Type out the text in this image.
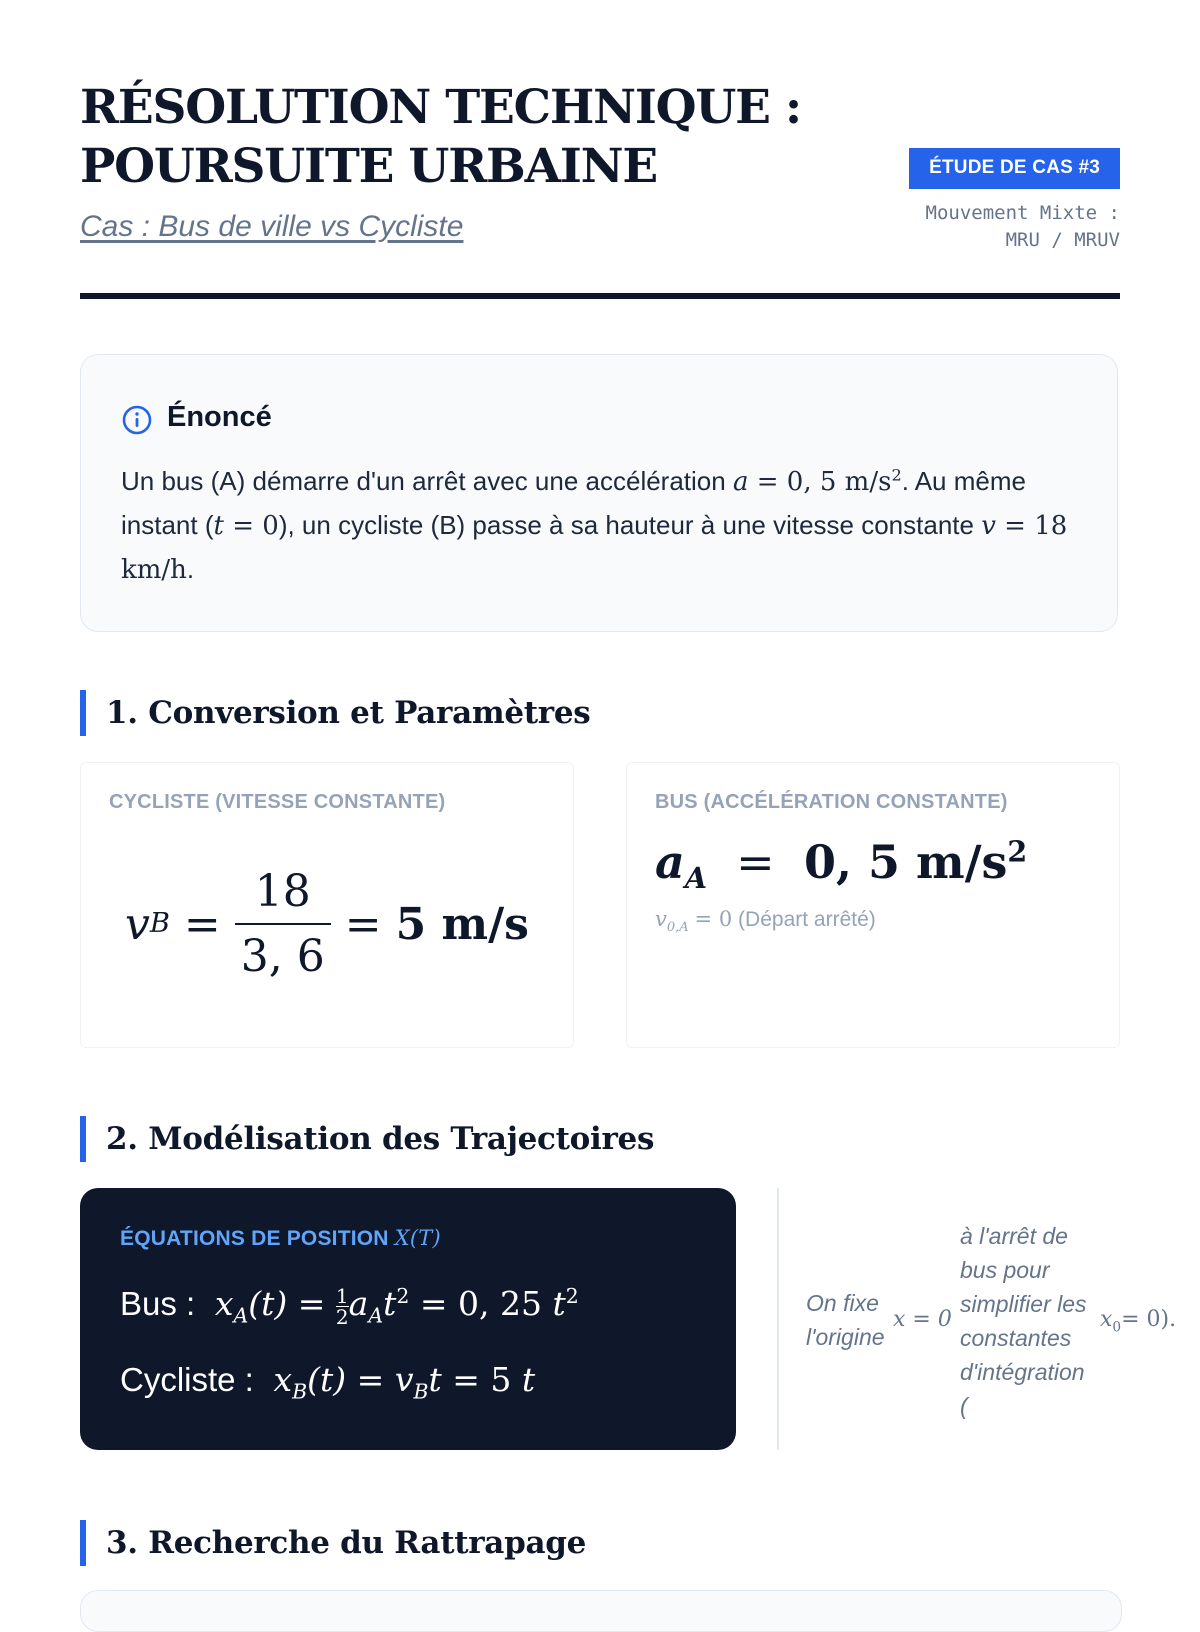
RÉSOLUTION TECHNIQUE :
POURSUITE URBAINE
Cas : Bus de ville vs Cycliste
ÉTUDE DE CAS #3
Mouvement Mixte :
MRU / MRUV
Énoncé
Un bus (A) démarre d'un arrêt avec une accélération a = 0, 5 $m/s^2$. Au même instant (t = 0), un cycliste (B) passe à sa hauteur à une vitesse constante v = 18 km/h.
1. Conversion et Paramètres
CYCLISTE (VITESSE CONSTANTE)
v $B = \frac{18}{3, 6} = 5$ m/s
BUS (ACCÉLÉRATION CONSTANTE)
$a_A = 0$, 5 $m/s^2$
$v_{0,A} = 0$ (Départ arrêté)
2. Modélisation des Trajectoires
ÉQUATIONS DE POSITION X(T)
Bus :  $x_A(t) = \frac{1}{2} a_At^2 = 0$, 25 $t^2$
Cycliste :  $x_B(t) = v_Bt = 5$ t
On fixe
l'origine
x = 0
à l'arrêt de
bus pour
simplifier les
constantes
d'intégration
(
$x_0= 0$).
3. Recherche du Rattrapage
